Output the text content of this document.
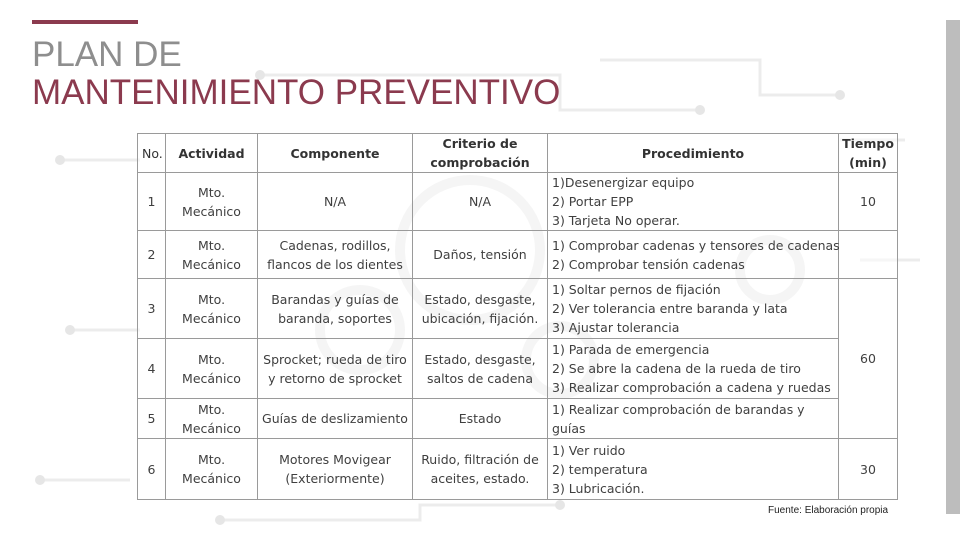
PLAN DE
MANTENIMIENTO PREVENTIVO
No.	Actividad	Componente	Criterio de comprobación	Procedimiento	Tiempo (min)
1	Mto. Mecánico	N/A	N/A	1)Desenergizar equipo
2) Portar EPP
3) Tarjeta No operar.	10
2	Mto. Mecánico	Cadenas, rodillos, flancos de los dientes	Daños, tensión	1) Comprobar cadenas y tensores de cadenas
2) Comprobar tensión cadenas	

3	Mto. Mecánico	Barandas y guías de baranda, soportes	Estado, desgaste, ubicación, fijación.	1) Soltar pernos de fijación
2) Ver tolerancia entre baranda y lata
3) Ajustar tolerancia	60
4	Mto. Mecánico	Sprocket; rueda de tiro y retorno de sprocket	Estado, desgaste, saltos de cadena	1) Parada de emergencia
2) Se abre la cadena de la rueda de tiro
3) Realizar comprobación a cadena y ruedas	

5	Mto. Mecánico	Guías de deslizamiento	Estado	1) Realizar comprobación de barandas y
guías	

6	Mto. Mecánico	Motores Movigear (Exteriormente)	Ruido, filtración de aceites, estado.	1) Ver ruido
2) temperatura
3) Lubricación.	30
Fuente: Elaboración propia
